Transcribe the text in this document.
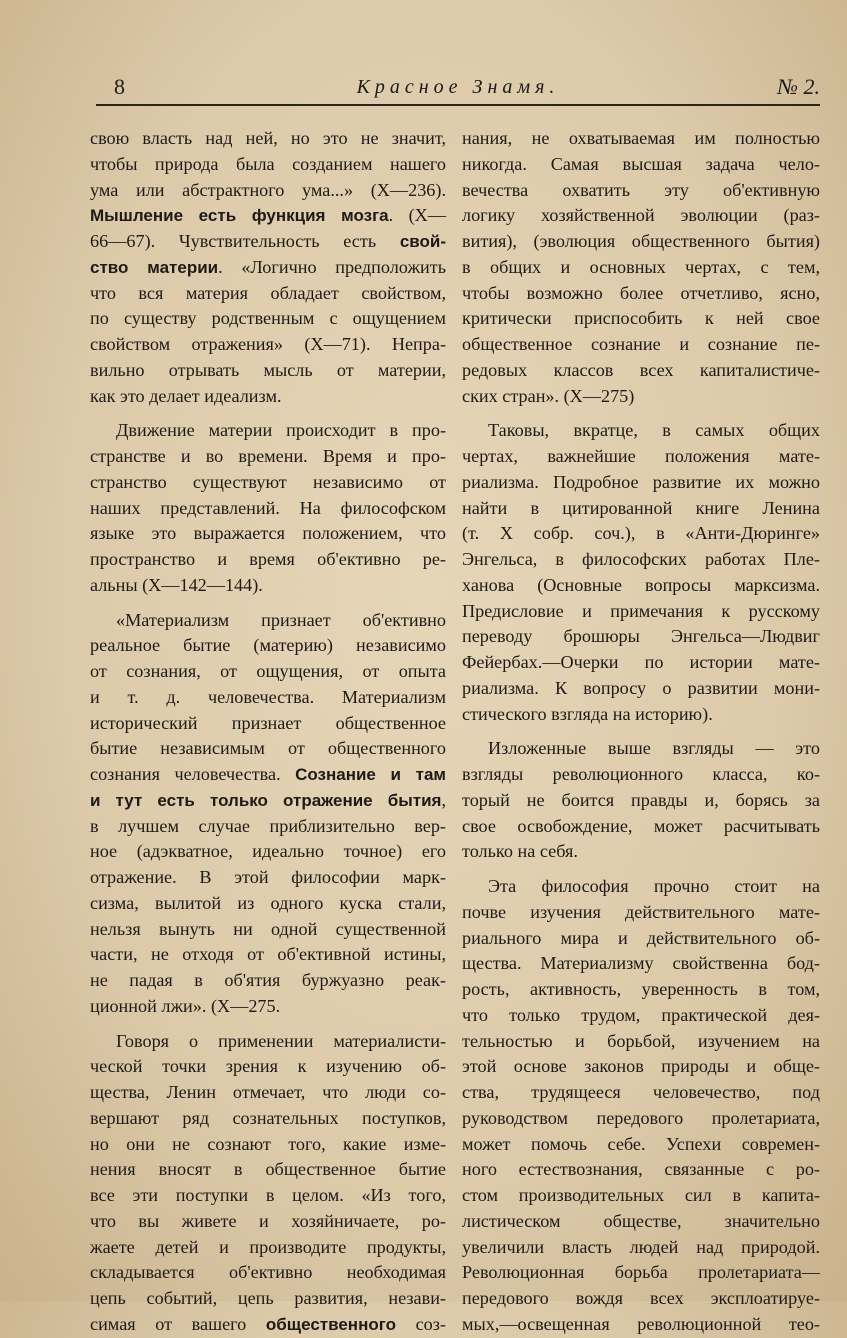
8	Красное Знамя.	№ 2.
свою власть над ней, но это не значит,
чтобы природа была созданием нашего
ума или абстрактного ума...» (X—236).
Мышление есть функция мозга. (X—
66—67). Чувствительность есть свой-
ство материи. «Логично предположить
что вся материя обладает свойством,
по существу родственным с ощущением
свойством отражения» (X—71). Непра-
вильно отрывать мысль от материи,
как это делает идеализм.
Движение материи происходит в про-
странстве и во времени. Время и про-
странство существуют независимо от
наших представлений. На философском
языке это выражается положением, что
пространство и время об'ективно ре-
альны (X—142—144).
«Материализм признает об'ективно
реальное бытие (материю) независимо
от сознания, от ощущения, от опыта
и т. д. человечества. Материализм
исторический признает общественное
бытие независимым от общественного
сознания человечества. Сознание и там
и тут есть только отражение бытия,
в лучшем случае приблизительно вер-
ное (адэкватное, идеально точное) его
отражение. В этой философии марк-
сизма, вылитой из одного куска стали,
нельзя вынуть ни одной существенной
части, не отходя от об'ективной истины,
не падая в об'ятия буржуазно реак-
ционной лжи». (X—275.
Говоря о применении материалисти-
ческой точки зрения к изучению об-
щества, Ленин отмечает, что люди со-
вершают ряд сознательных поступков,
но они не сознают того, какие изме-
нения вносят в общественное бытие
все эти поступки в целом. «Из того,
что вы живете и хозяйничаете, ро-
жаете детей и производите продукты,
складывается об'ективно необходимая
цепь событий, цепь развития, незави-
симая от вашего общественного соз-
нания, не охватываемая им полностью
никогда. Самая высшая задача чело-
вечества охватить эту об'ективную
логику хозяйственной эволюции (раз-
вития), (эволюция общественного бытия)
в общих и основных чертах, с тем,
чтобы возможно более отчетливо, ясно,
критически приспособить к ней свое
общественное сознание и сознание пе-
редовых классов всех капиталистиче-
ских стран». (X—275)
Таковы, вкратце, в самых общих
чертах, важнейшие положения мате-
риализма. Подробное развитие их можно
найти в цитированной книге Ленина
(т. X собр. соч.), в «Анти-Дюринге»
Энгельса, в философских работах Пле-
ханова (Основные вопросы марксизма.
Предисловие и примечания к русскому
переводу брошюры Энгельса—Людвиг
Фейербах.—Очерки по истории мате-
риализма. К вопросу о развитии мони-
стического взгляда на историю).
Изложенные выше взгляды — это
взгляды революционного класса, ко-
торый не боится правды и, борясь за
свое освобождение, может расчитывать
только на себя.
Эта философия прочно стоит на
почве изучения действительного мате-
риального мира и действительного об-
щества. Материализму свойственна бод-
рость, активность, уверенность в том,
что только трудом, практической дея-
тельностью и борьбой, изучением на
этой основе законов природы и обще-
ства, трудящееся человечество, под
руководством передового пролетариата,
может помочь себе. Успехи современ-
ного естествознания, связанные с ро-
стом производительных сил в капита-
листическом обществе, значительно
увеличили власть людей над природой.
Революционная борьба пролетариата—
передового вождя всех эксплоатируе-
мых,—освещенная революционной тео-
